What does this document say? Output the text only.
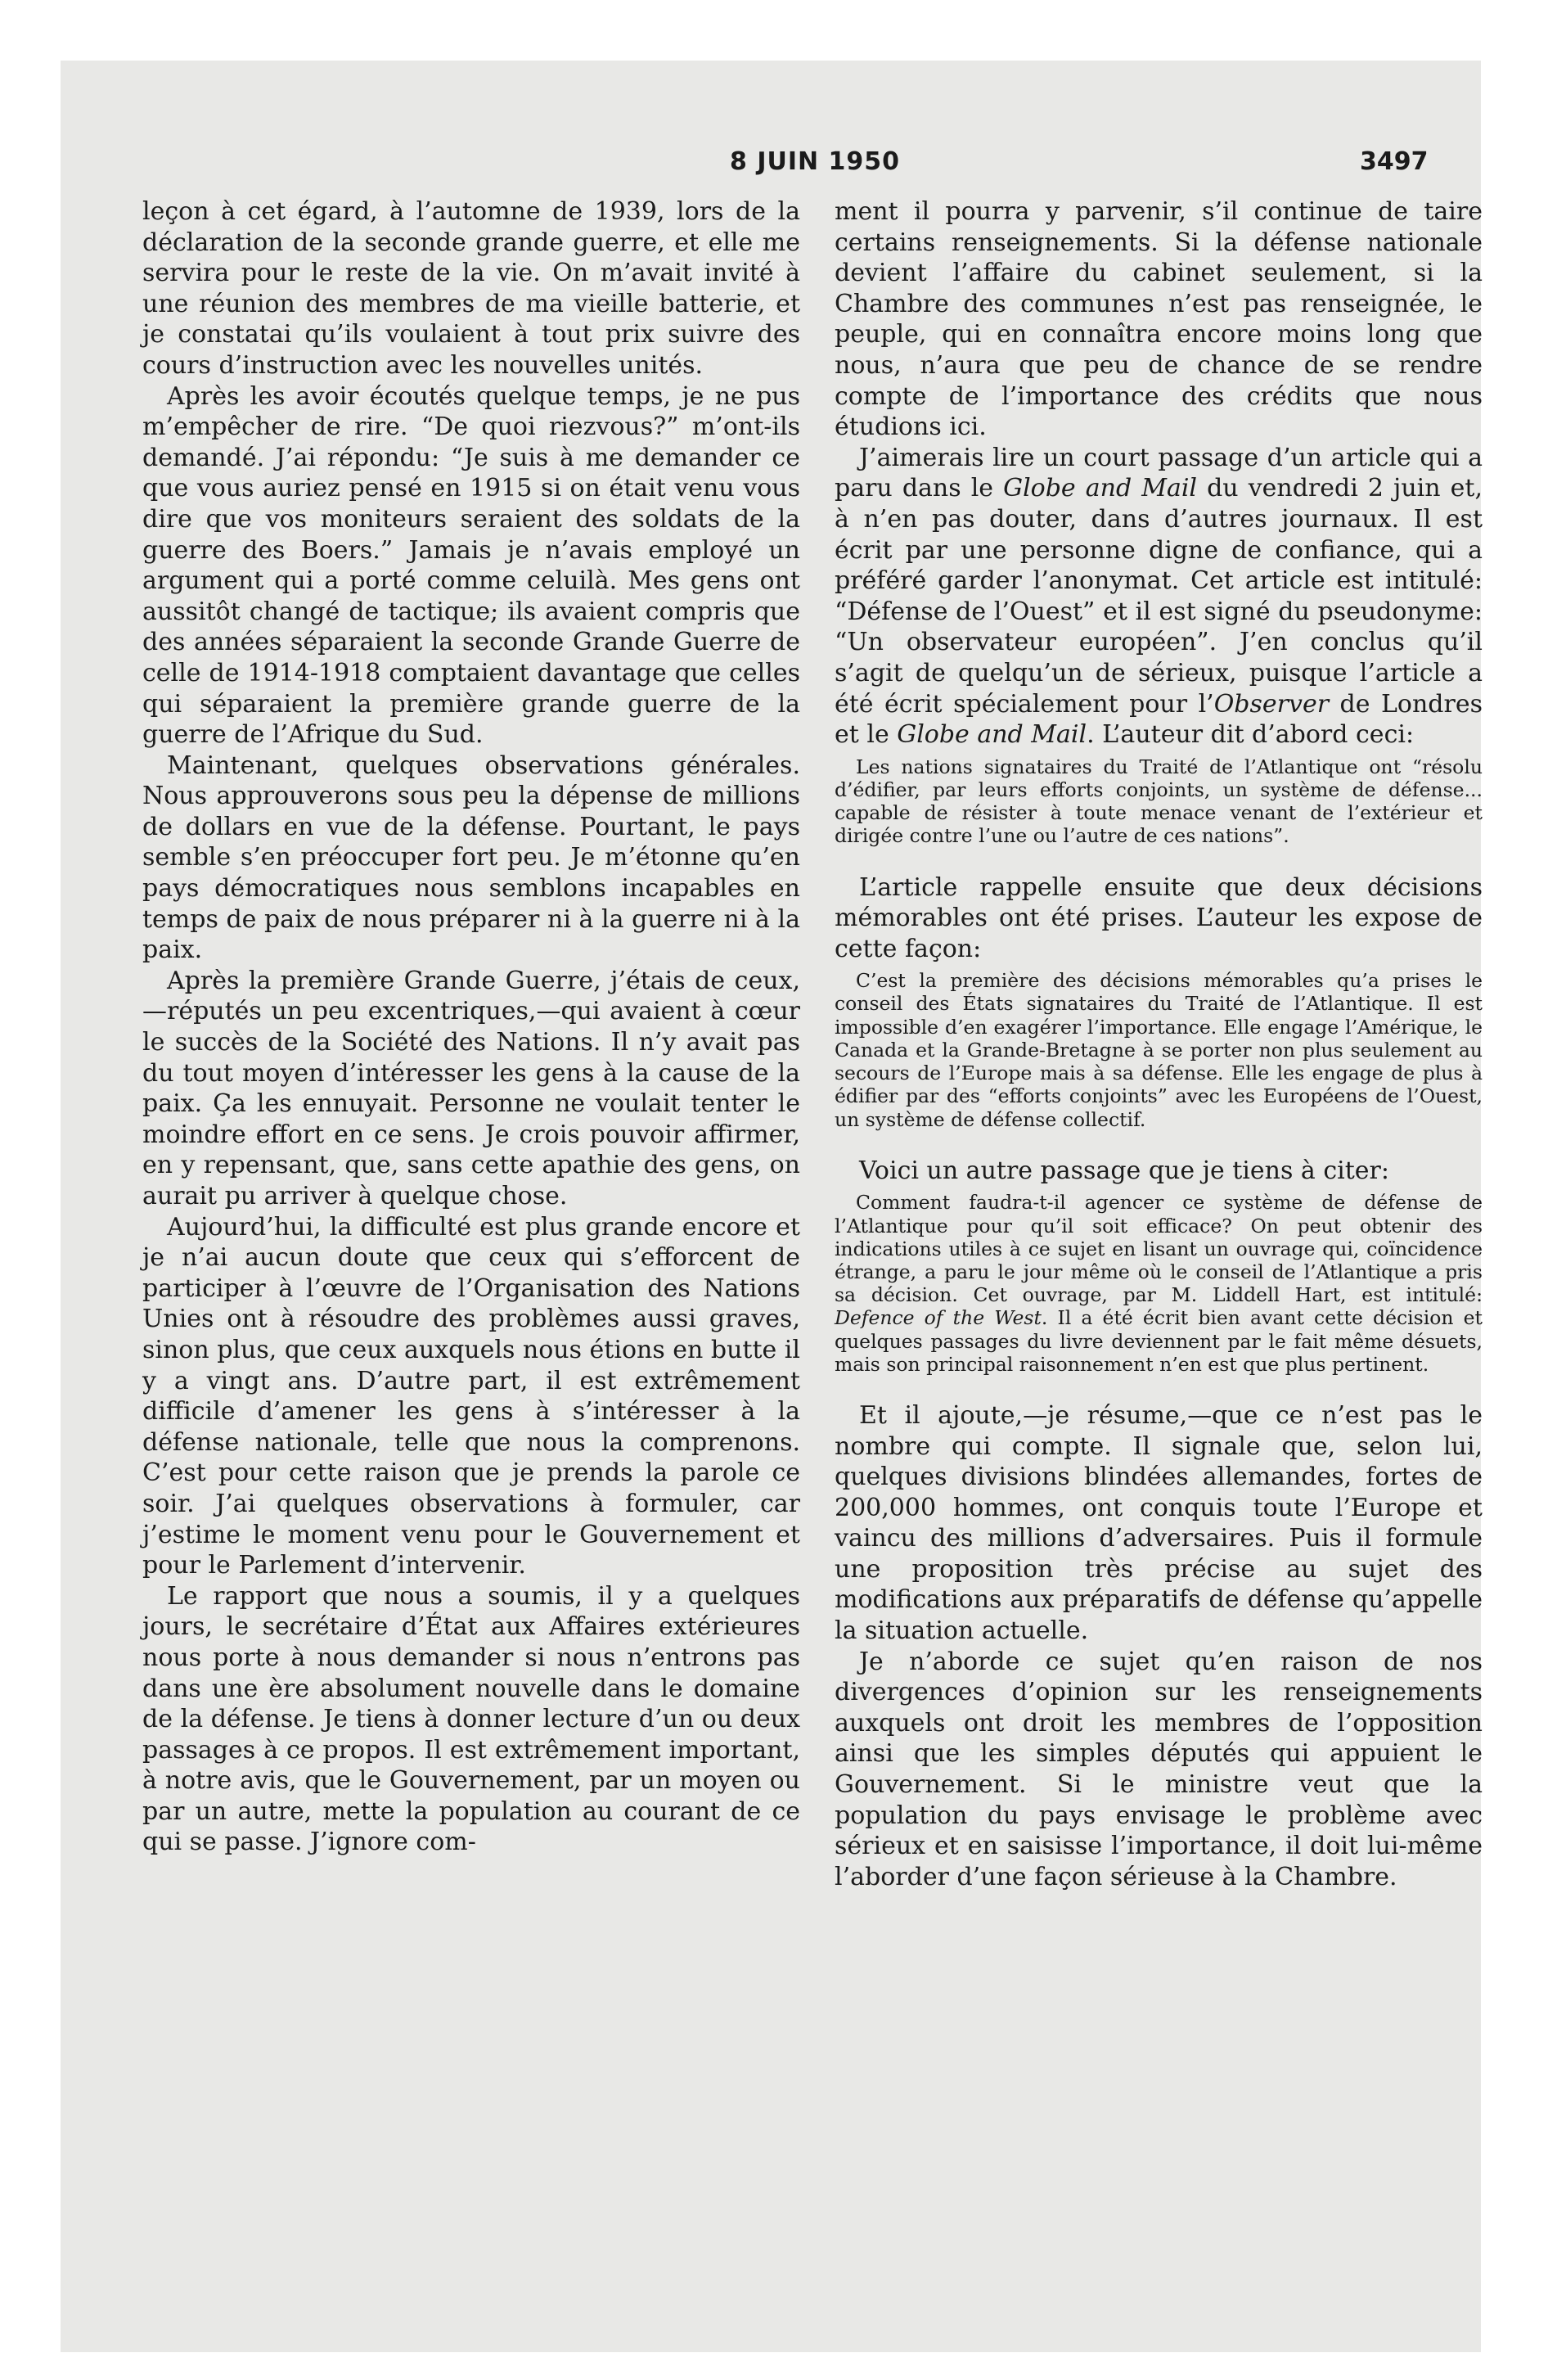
8 JUIN 1950	3497

leçon à cet égard, à l’automne de 1939, lors de la déclaration de la seconde grande guerre, et elle me servira pour le reste de la vie. On m’avait invité à une réunion des membres de ma vieille batterie, et je constatai qu’ils voulaient à tout prix suivre des cours d’instruction avec les nouvelles unités.

Après les avoir écoutés quelque temps, je ne pus m’empêcher de rire. “De quoi riezvous?” m’ont-ils demandé. J’ai répondu: “Je suis à me demander ce que vous auriez pensé en 1915 si on était venu vous dire que vos moniteurs seraient des soldats de la guerre des Boers.” Jamais je n’avais employé un argument qui a porté comme celuilà. Mes gens ont aussitôt changé de tactique; ils avaient compris que des années séparaient la seconde Grande Guerre de celle de 1914-1918 comptaient davantage que celles qui séparaient la première grande guerre de la guerre de l’Afrique du Sud.

Maintenant, quelques observations générales. Nous approuverons sous peu la dépense de millions de dollars en vue de la défense. Pourtant, le pays semble s’en préoccuper fort peu. Je m’étonne qu’en pays démocratiques nous semblons incapables en temps de paix de nous préparer ni à la guerre ni à la paix.

Après la première Grande Guerre, j’étais de ceux,—réputés un peu excentriques,—qui avaient à cœur le succès de la Société des Nations. Il n’y avait pas du tout moyen d’intéresser les gens à la cause de la paix. Ça les ennuyait. Personne ne voulait tenter le moindre effort en ce sens. Je crois pouvoir affirmer, en y repensant, que, sans cette apathie des gens, on aurait pu arriver à quelque chose.

Aujourd’hui, la difficulté est plus grande encore et je n’ai aucun doute que ceux qui s’efforcent de participer à l’œuvre de l’Organisation des Nations Unies ont à résoudre des problèmes aussi graves, sinon plus, que ceux auxquels nous étions en butte il y a vingt ans. D’autre part, il est extrêmement difficile d’amener les gens à s’intéresser à la défense nationale, telle que nous la comprenons. C’est pour cette raison que je prends la parole ce soir. J’ai quelques observations à formuler, car j’estime le moment venu pour le Gouvernement et pour le Parlement d’intervenir.

Le rapport que nous a soumis, il y a quelques jours, le secrétaire d’État aux Affaires extérieures nous porte à nous demander si nous n’entrons pas dans une ère absolument nouvelle dans le domaine de la défense. Je tiens à donner lecture d’un ou deux passages à ce propos. Il est extrêmement important, à notre avis, que le Gouvernement, par un moyen ou par un autre, mette la population au courant de ce qui se passe. J’ignore com-

ment il pourra y parvenir, s’il continue de taire certains renseignements. Si la défense nationale devient l’affaire du cabinet seulement, si la Chambre des communes n’est pas renseignée, le peuple, qui en connaîtra encore moins long que nous, n’aura que peu de chance de se rendre compte de l’importance des crédits que nous étudions ici.

J’aimerais lire un court passage d’un article qui a paru dans le Globe and Mail du vendredi 2 juin et, à n’en pas douter, dans d’autres journaux. Il est écrit par une personne digne de confiance, qui a préféré garder l’anonymat. Cet article est intitulé: “Défense de l’Ouest” et il est signé du pseudonyme: “Un observateur européen”. J’en conclus qu’il s’agit de quelqu’un de sérieux, puisque l’article a été écrit spécialement pour l’Observer de Londres et le Globe and Mail. L’auteur dit d’abord ceci:

Les nations signataires du Traité de l’Atlantique ont “résolu d’édifier, par leurs efforts conjoints, un système de défense... capable de résister à toute menace venant de l’extérieur et dirigée contre l’une ou l’autre de ces nations”.

L’article rappelle ensuite que deux décisions mémorables ont été prises. L’auteur les expose de cette façon:

C’est la première des décisions mémorables qu’a prises le conseil des États signataires du Traité de l’Atlantique. Il est impossible d’en exagérer l’importance. Elle engage l’Amérique, le Canada et la Grande-Bretagne à se porter non plus seulement au secours de l’Europe mais à sa défense. Elle les engage de plus à édifier par des “efforts conjoints” avec les Européens de l’Ouest, un système de défense collectif.

Voici un autre passage que je tiens à citer:

Comment faudra-t-il agencer ce système de défense de l’Atlantique pour qu’il soit efficace? On peut obtenir des indications utiles à ce sujet en lisant un ouvrage qui, coïncidence étrange, a paru le jour même où le conseil de l’Atlantique a pris sa décision. Cet ouvrage, par M. Liddell Hart, est intitulé: Defence of the West. Il a été écrit bien avant cette décision et quelques passages du livre deviennent par le fait même désuets, mais son principal raisonnement n’en est que plus pertinent.

Et il ajoute,—je résume,—que ce n’est pas le nombre qui compte. Il signale que, selon lui, quelques divisions blindées allemandes, fortes de 200,000 hommes, ont conquis toute l’Europe et vaincu des millions d’adversaires. Puis il formule une proposition très précise au sujet des modifications aux préparatifs de défense qu’appelle la situation actuelle.

Je n’aborde ce sujet qu’en raison de nos divergences d’opinion sur les renseignements auxquels ont droit les membres de l’opposition ainsi que les simples députés qui appuient le Gouvernement. Si le ministre veut que la population du pays envisage le problème avec sérieux et en saisisse l’importance, il doit lui-même l’aborder d’une façon sérieuse à la Chambre.
